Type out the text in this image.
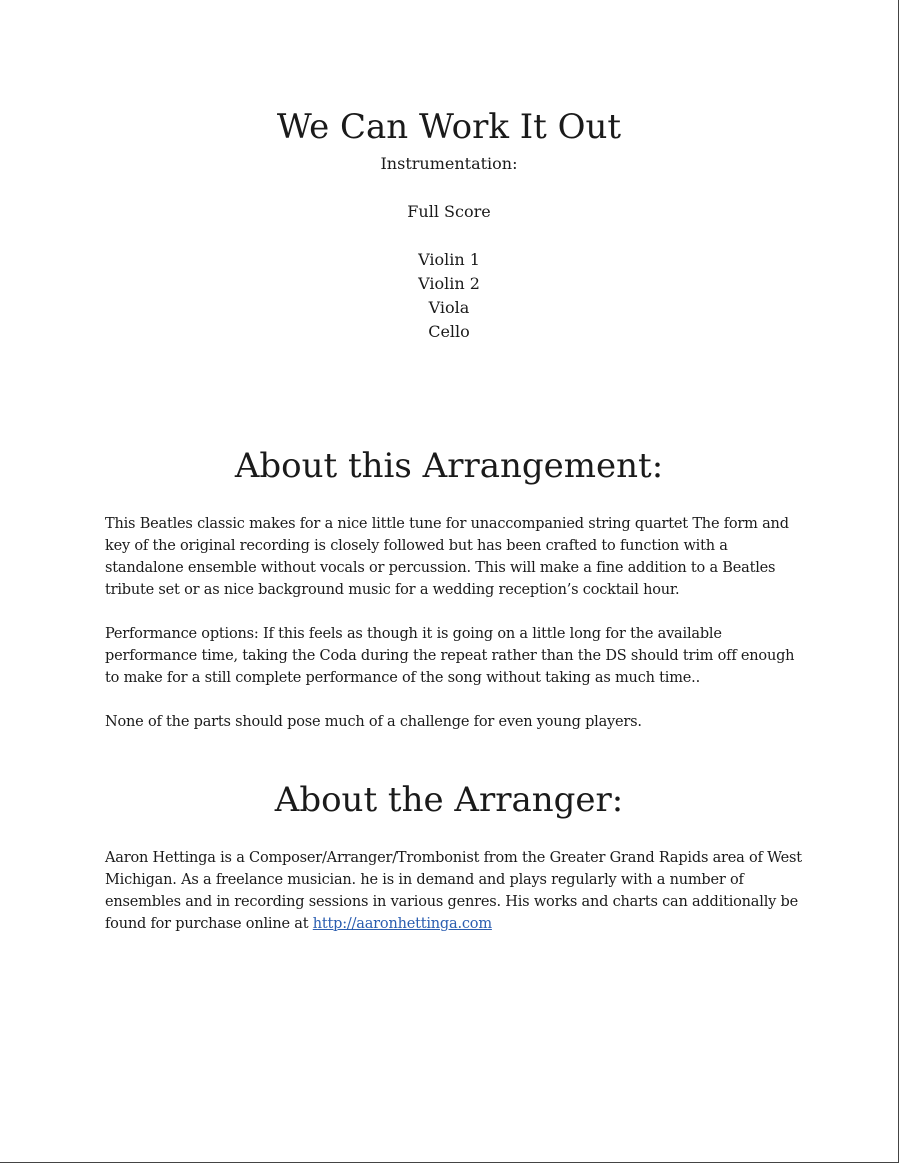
We Can Work It Out
Instrumentation:
Full Score
Violin 1
Violin 2
Viola
Cello
About this Arrangement:
This Beatles classic makes for a nice little tune for unaccompanied string quartet The form and key of the original recording is closely followed but has been crafted to function with a standalone ensemble without vocals or percussion. This will make a fine addition to a Beatles tribute set or as nice background music for a wedding reception’s cocktail hour.
Performance options: If this feels as though it is going on a little long for the available performance time, taking the Coda during the repeat rather than the DS should trim off enough to make for a still complete performance of the song without taking as much time..
None of the parts should pose much of a challenge for even young players.
About the Arranger:
Aaron Hettinga is a Composer/Arranger/Trombonist from the Greater Grand Rapids area of West Michigan. As a freelance musician. he is in demand and plays regularly with a number of ensembles and in recording sessions in various genres. His works and charts can additionally be found for purchase online at http://aaronhettinga.com
